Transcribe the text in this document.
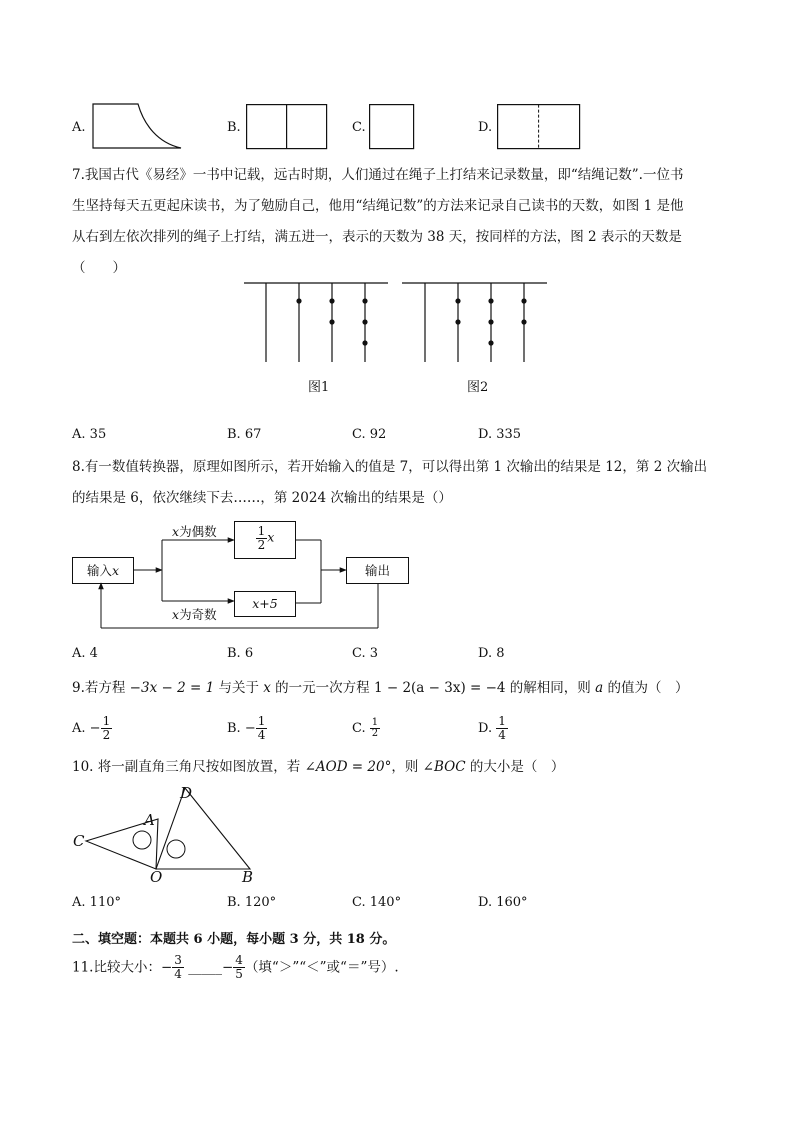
A.	B.	C.	D.
7.我国古代《易经》一书中记载，远古时期，人们通过在绳子上打结来记录数量，即“结绳记数”.一位书
生坚持每天五更起床读书，为了勉励自己，他用“结绳记数”的方法来记录自己读书的天数，如图 1 是他
从右到左依次排列的绳子上打结，满五进一，表示的天数为 38 天，按同样的方法，图 2 表示的天数是
（　　）
图1	图2
A. 35	B. 67	C. 92	D. 335
8.有一数值转换器，原理如图所示，若开始输入的值是 7，可以得出第 1 次输出的结果是 12，第 2 次输出
的结果是 6，依次继续下去……，第 2024 次输出的结果是（）
输入x
x为偶数
x为奇数
$\frac{1}{2}$ x
x+5
输出
A. 4	B. 6	C. 3	D. 8
9.若方程 −3x − 2 = 1 与关于 x 的一元一次方程 1 − 2(a − 3x) = −4 的解相同，则 a 的值为（　）
A. − $\frac{1}{2}$	B. − $\frac{1}{4}$	C. $\frac{1}{2}$	D. $\frac{1}{4}$
10. 将一副直角三角尺按如图放置，若 ∠AOD = 20°，则 ∠BOC 的大小是（　）
C
A
D
O	B
A. 110°	B. 120°	C. 140°	D. 160°
二、填空题：本题共 6 小题，每小题 3 分，共 18 分。
11.比较大小：− $\frac{3}{4}$ _____− $\frac{4}{5}$ （填“＞”“＜”或“＝”号）.
